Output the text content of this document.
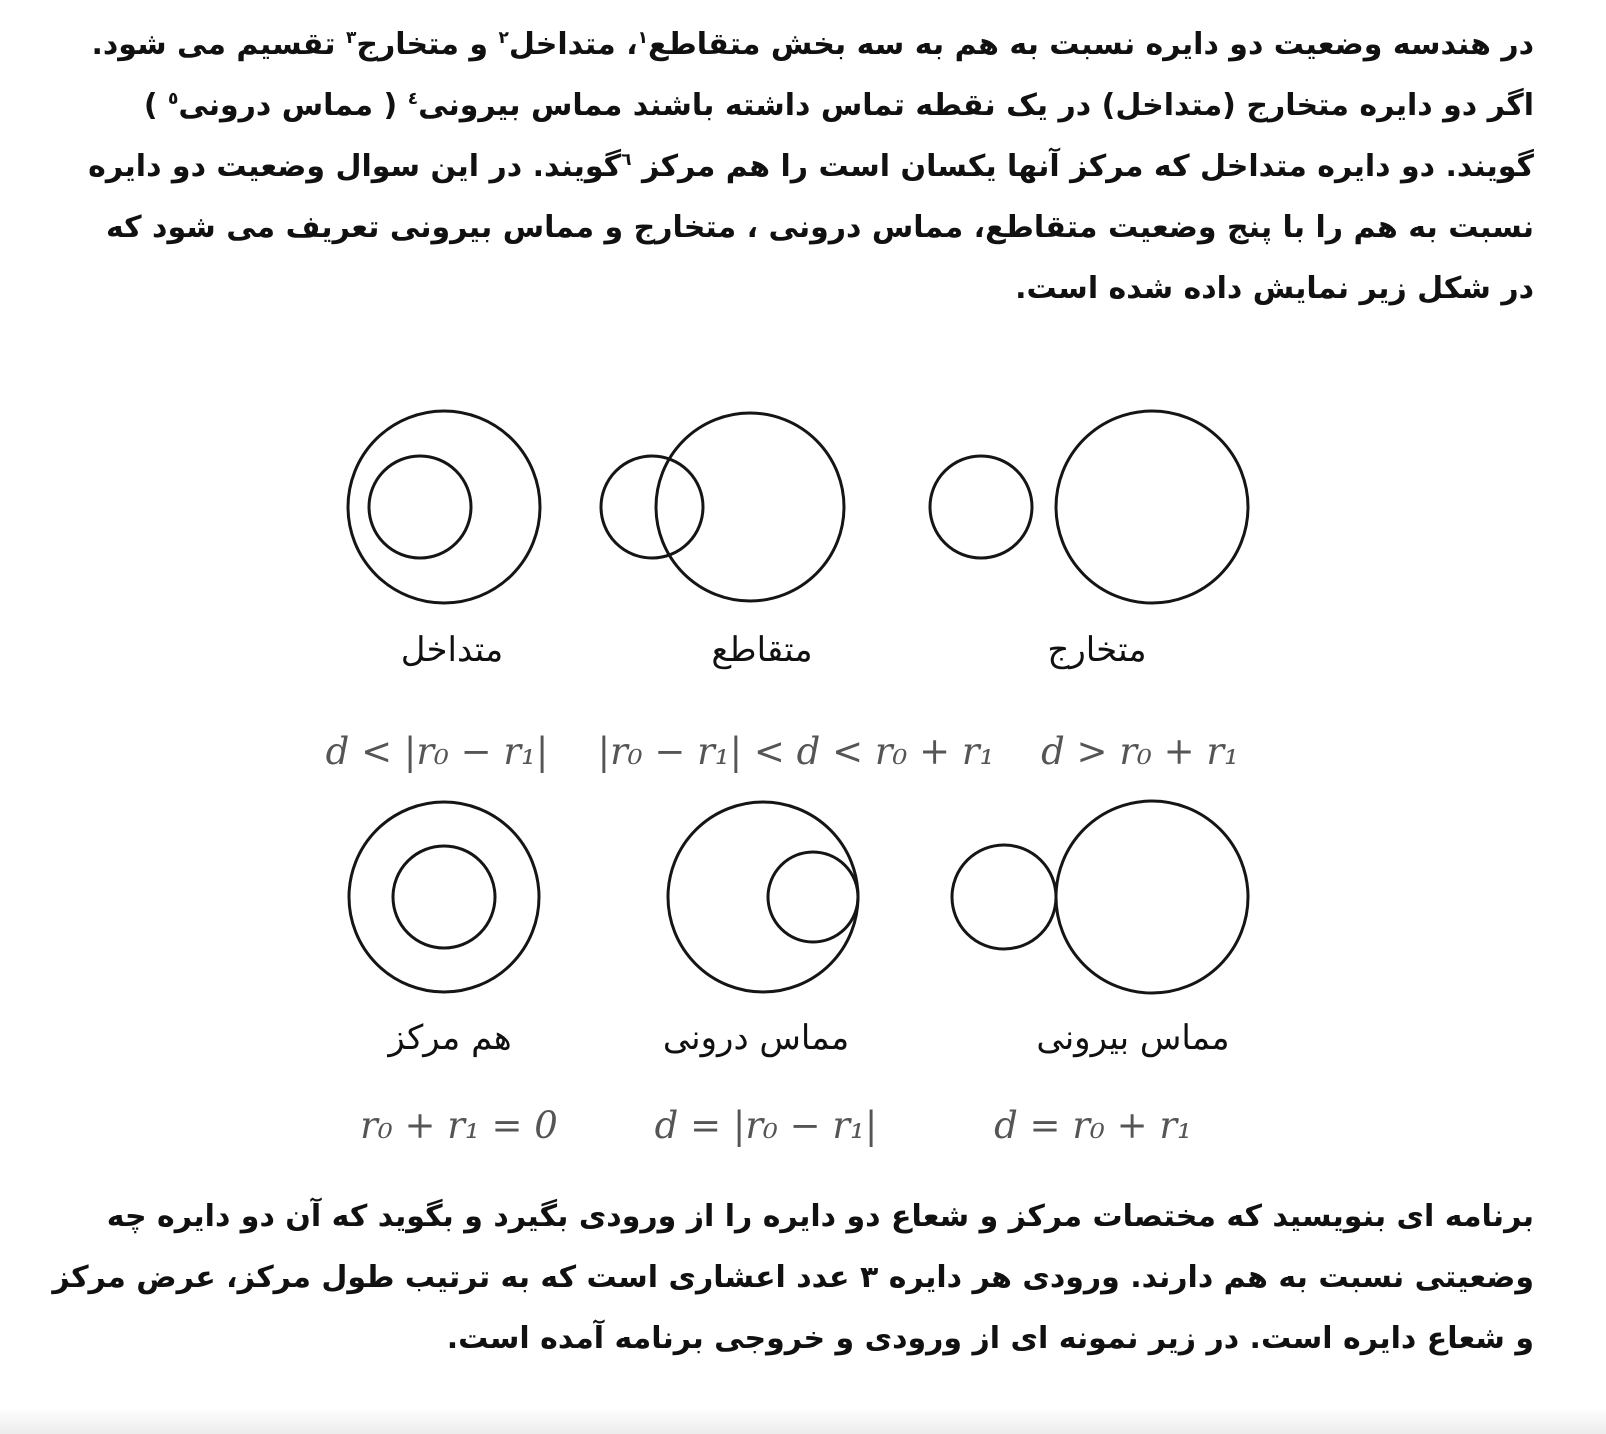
در هندسه وضعیت دو دایره نسبت به هم به سه بخش متقاطع$^۱$، متداخل$^۲$ و متخارج$^۳$ تقسیم می شود.
اگر دو دایره متخارج (متداخل) در یک نقطه تماس داشته باشند مماس بیرونی$^٤$ ( مماس درونی$^٥$ )
گویند. دو دایره متداخل که مرکز آنها یکسان است را هم مرکز $^٦$گویند. در این سوال وضعیت دو دایره
نسبت به هم را با پنج وضعیت متقاطع، مماس درونی ، متخارج و مماس بیرونی تعریف می شود که
در شکل زیر نمایش داده شده است.
متداخل	متقاطع	متخارج
d < |r₀ − r₁| |r₀ − r₁| < d < r₀ + r₁ d > r₀ + r₁
هم مرکز	مماس درونی	مماس بیرونی
r₀ + r₁ = 0	d = |r₀ − r₁|	d = r₀ + r₁
برنامه ای بنویسید که مختصات مرکز و شعاع دو دایره را از ورودی بگیرد و بگوید که آن دو دایره چه
وضعیتی نسبت به هم دارند. ورودی هر دایره ۳ عدد اعشاری است که به ترتیب طول مرکز، عرض مرکز
و شعاع دایره است. در زیر نمونه ای از ورودی و خروجی برنامه آمده است.
